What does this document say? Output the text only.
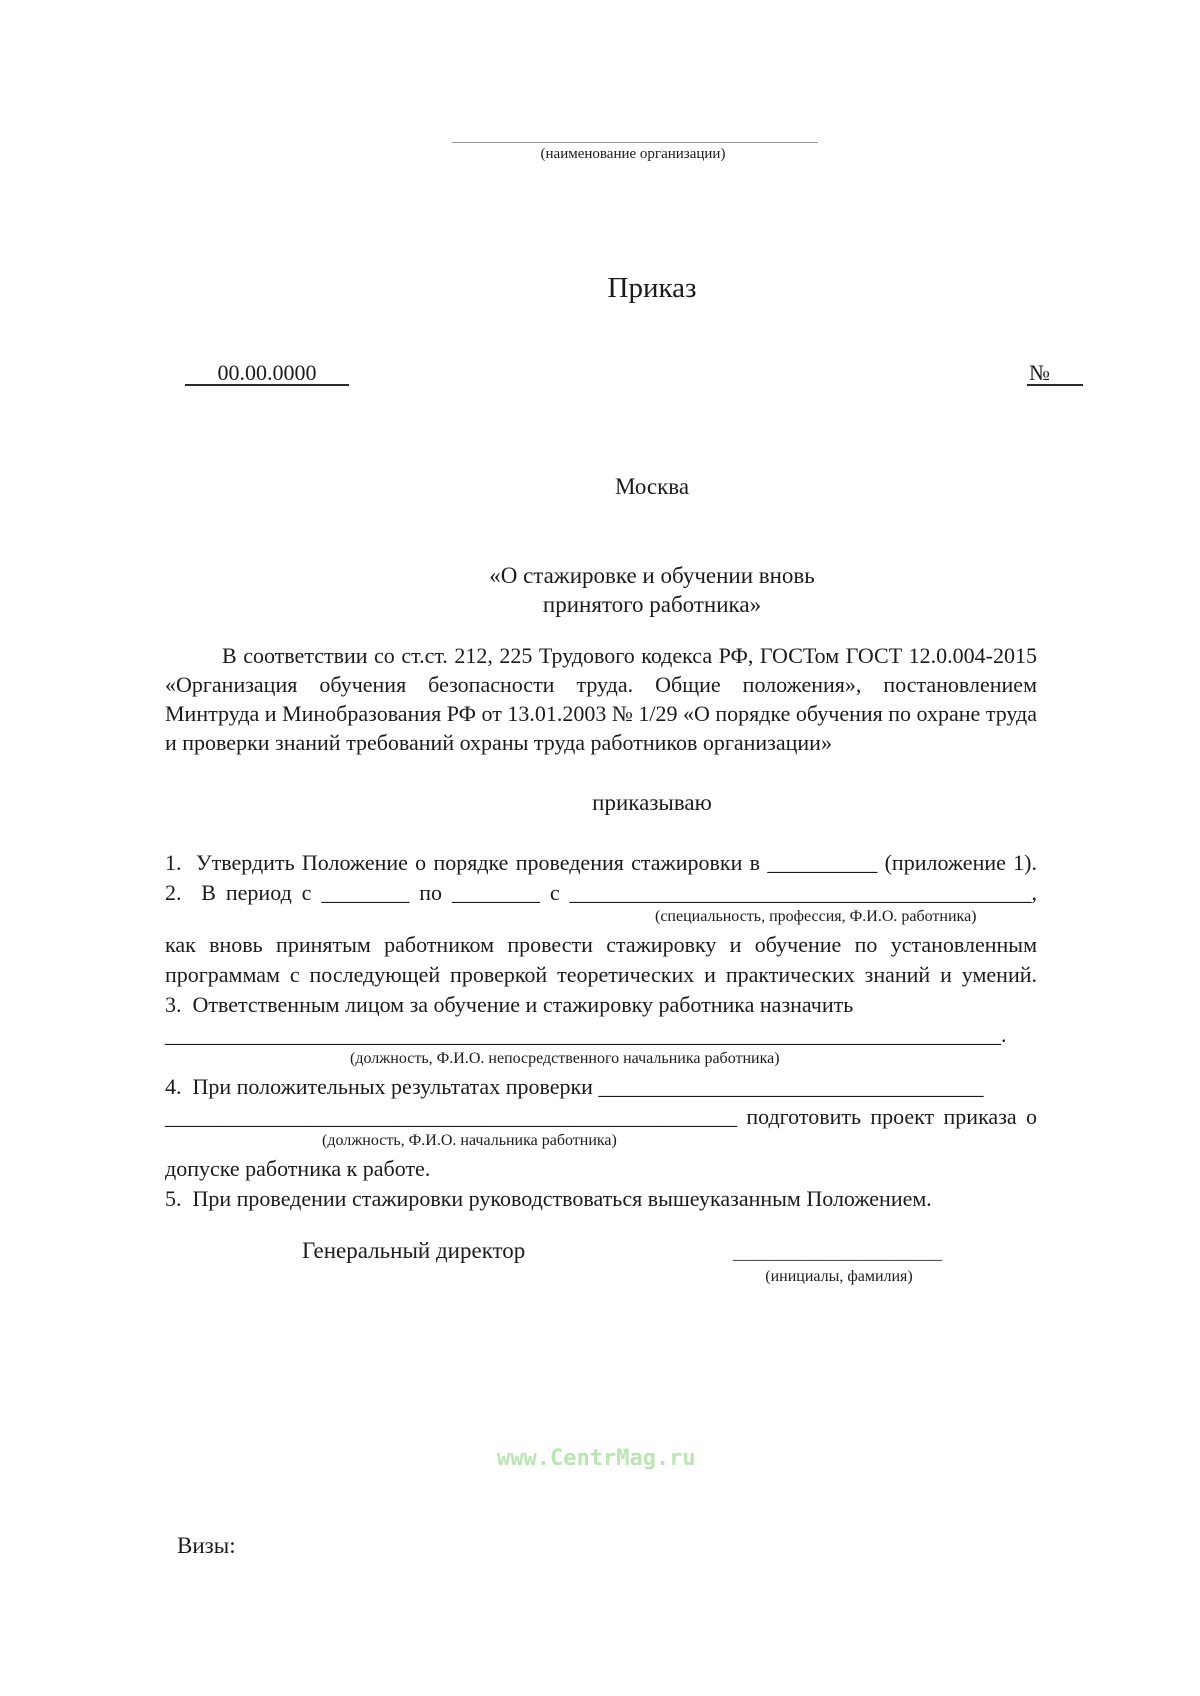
(наименование организации)
Приказ
00.00.0000	№
Москва
«О стажировке и обучении вновь
принятого работника»
В соответствии со ст.ст. 212, 225 Трудового кодекса РФ, ГОСТом ГОСТ 12.0.004-2015 «Организация обучения безопасности труда. Общие положения», постановлением Минтруда и Минобразования РФ от 13.01.2003 № 1/29 «О порядке обучения по охране труда и проверки знаний требований охраны труда работников организации»
приказываю
1.  Утвердить Положение о порядке проведения стажировки в __________ (приложение 1).
2.  В период с ________ по ________ с __________________________________________,
(специальность, профессия, Ф.И.О. работника)
как вновь принятым работником провести стажировку и обучение по установленным
программам с последующей проверкой теоретических и практических знаний и умений.
3.  Ответственным лицом за обучение и стажировку работника назначить
____________________________________________________________________________.
(должность, Ф.И.О. непосредственного начальника работника)
4.  При положительных результатах проверки ___________________________________
____________________________________________________ подготовить проект приказа о
(должность, Ф.И.О. начальника работника)
допуске работника к работе.
5.  При проведении стажировки руководствоваться вышеуказанным Положением.
Генеральный директор	___________________
(инициалы, фамилия)
www.CentrMag.ru
Визы:
